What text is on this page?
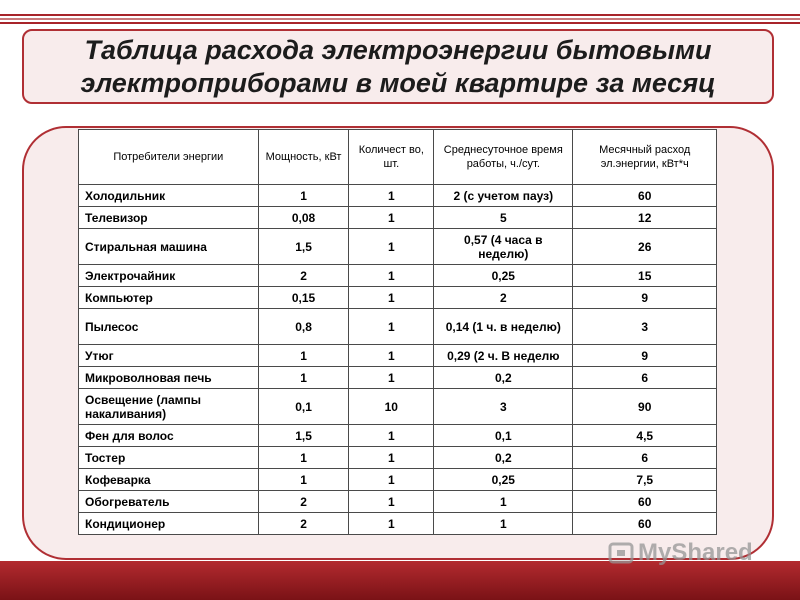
Таблица расхода электроэнергии бытовыми
электроприборами в моей квартире за месяц
Потребители энергии	Мощность, кВт	Количест во, шт.	Среднесуточное время работы, ч./сут.	Месячный расход эл.энергии, кВт*ч
Холодильник	1	1	2 (с учетом пауз)	60
Телевизор	0,08	1	5	12
Стиральная машина	1,5	1	0,57 (4 часа в неделю)	26
Электрочайник	2	1	0,25	15
Компьютер	0,15	1	2	9
Пылесос	0,8	1	0,14 (1 ч. в неделю)	3
Утюг	1	1	0,29 (2 ч. В неделю	9
Микроволновая печь	1	1	0,2	6
Освещение (лампы накаливания)	0,1	10	3	90
Фен для волос	1,5	1	0,1	4,5
Тостер	1	1	0,2	6
Кофеварка	1	1	0,25	7,5
Обогреватель	2	1	1	60
Кондиционер	2	1	1	60
MyShared
